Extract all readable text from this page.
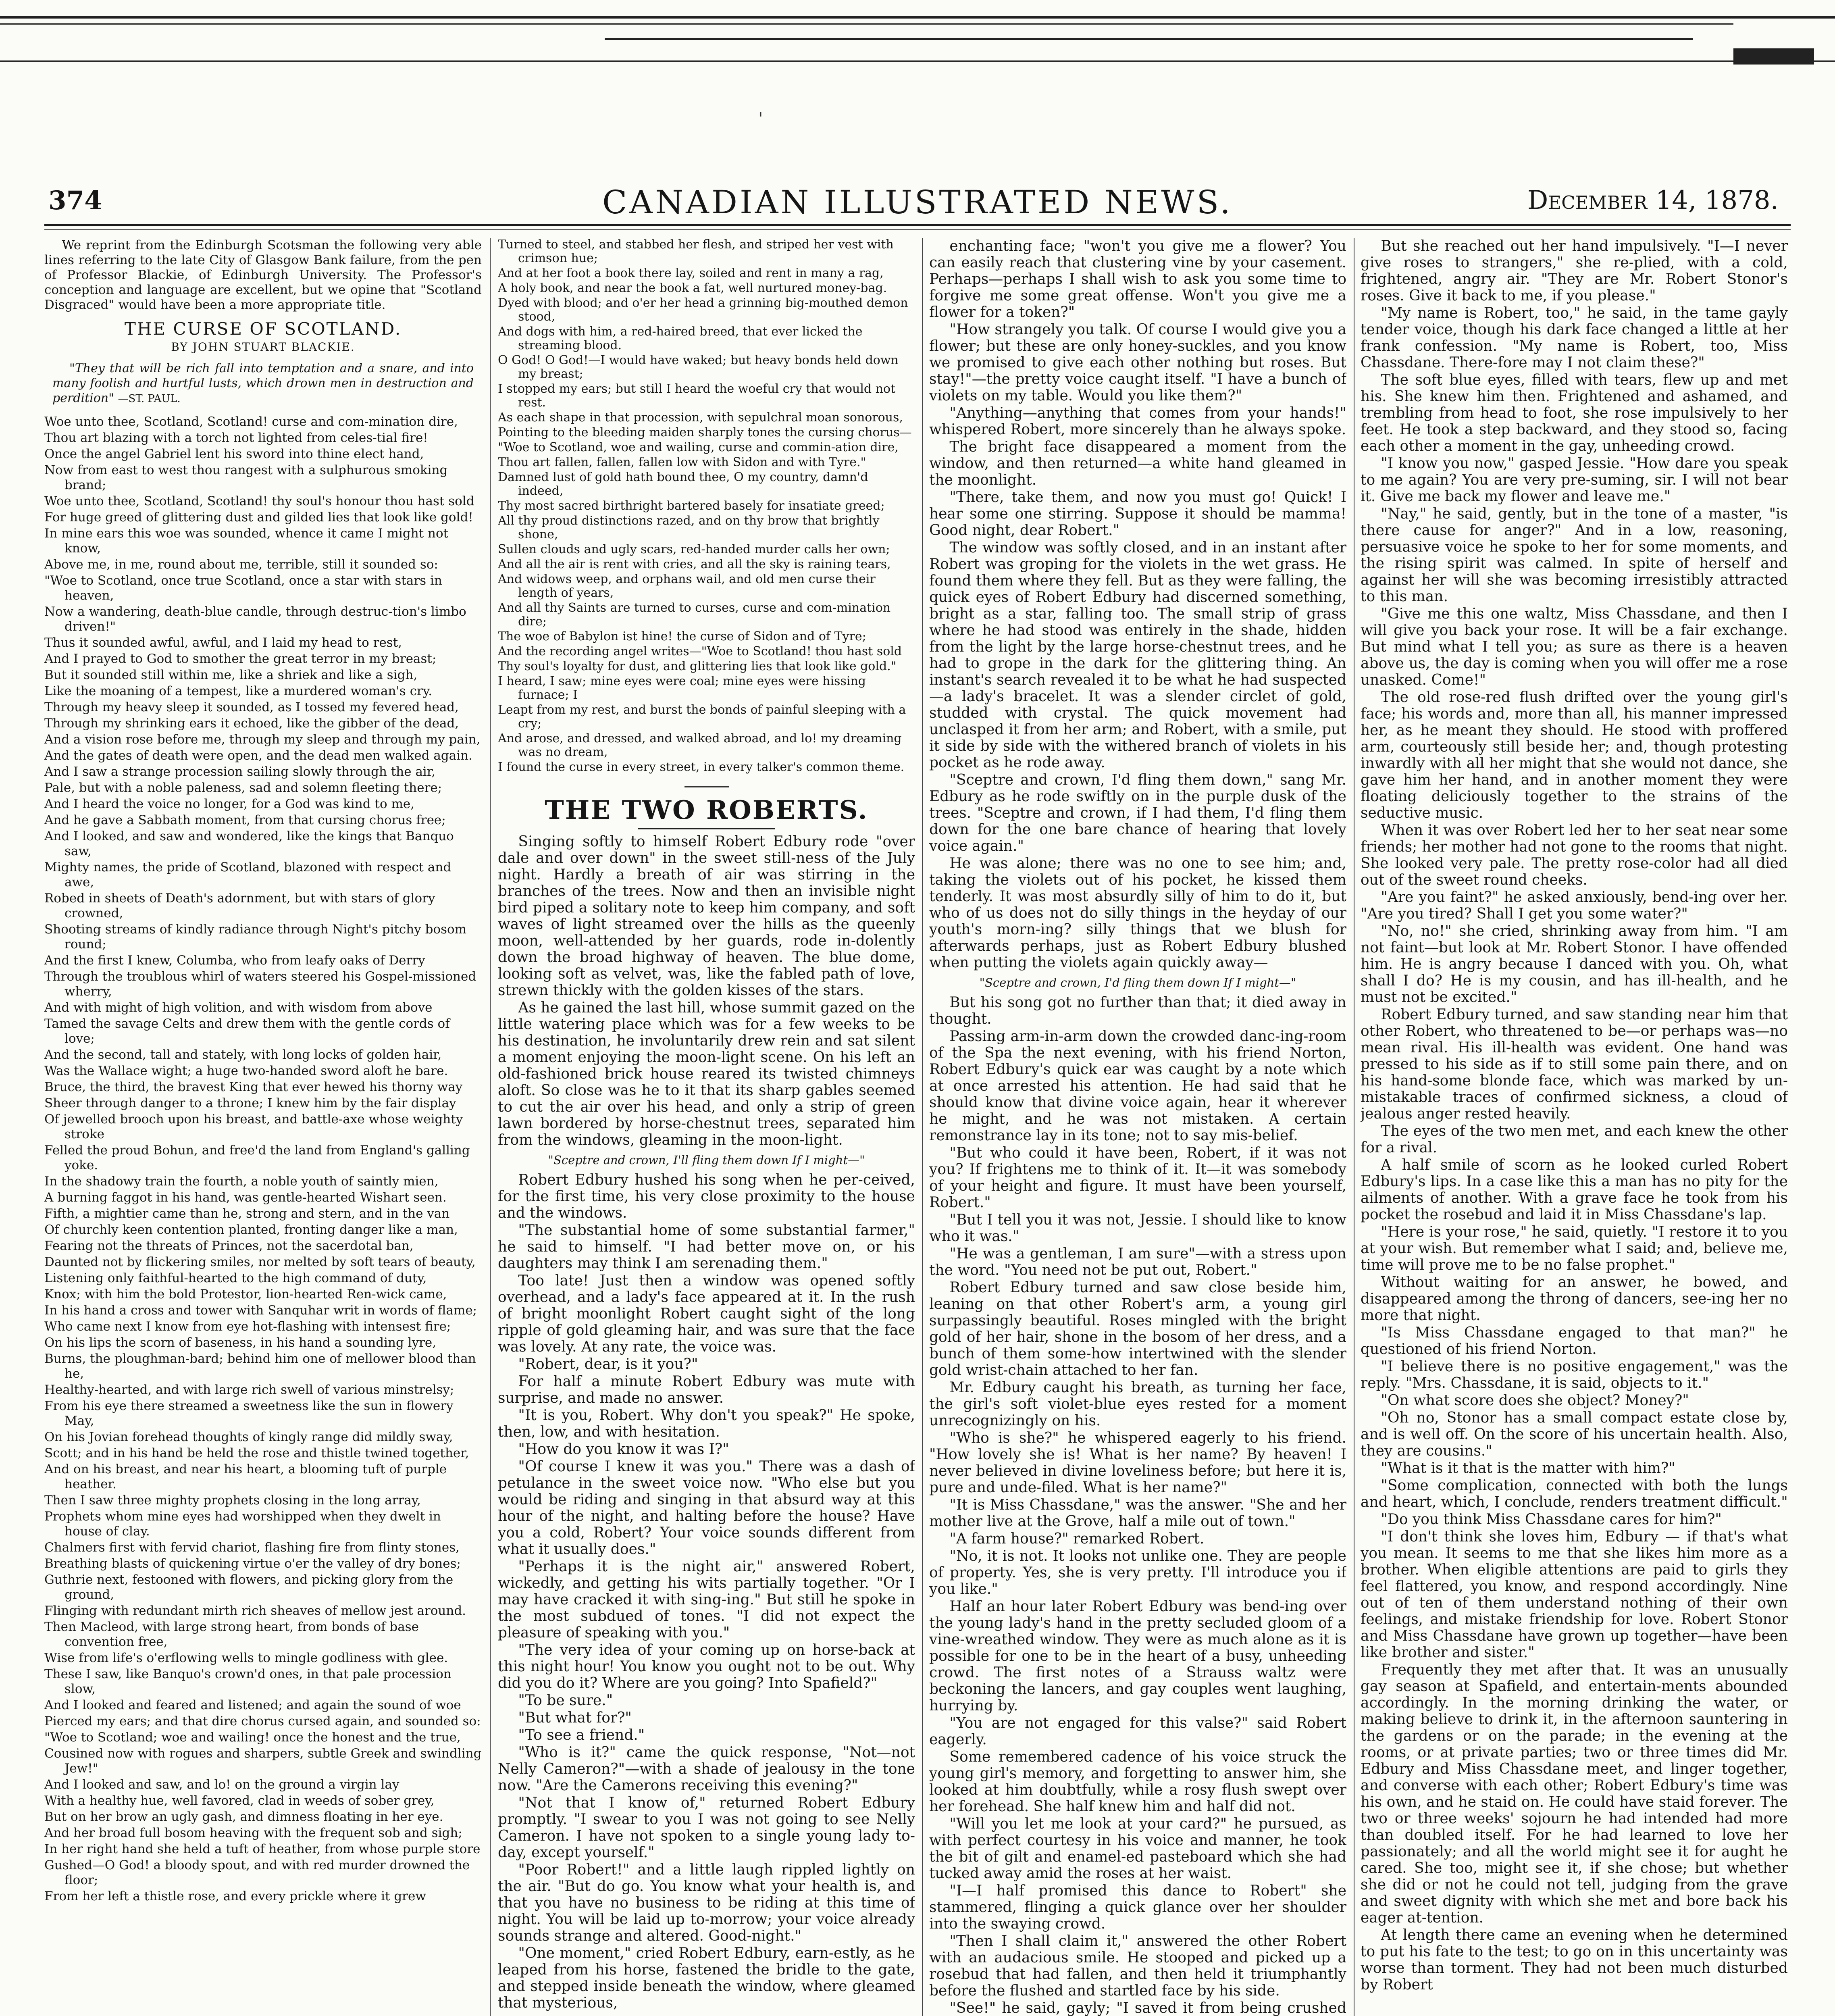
ˈ
374	CANADIAN ILLUSTRATED NEWS.	December 14, 1878.

We reprint from the Edinburgh Scotsman the following very able lines referring to the late City of Glasgow Bank failure, from the pen of Professor Blackie, of Edinburgh University. The Professor's conception and language are excellent, but we opine that "Scotland Disgraced" would have been a more appropriate title.

THE CURSE OF SCOTLAND.
BY JOHN STUART BLACKIE.
"They that will be rich fall into temptation and a snare, and into many foolish and hurtful lusts, which drown men in destruction and perdition" —ST. PAUL.

Woe unto thee, Scotland, Scotland! curse and com-mination dire,

Thou art blazing with a torch not lighted from celes-tial fire!

Once the angel Gabriel lent his sword into thine elect hand,

Now from east to west thou rangest with a sulphurous smoking brand;

Woe unto thee, Scotland, Scotland! thy soul's honour thou hast sold

For huge greed of glittering dust and gilded lies that look like gold!

In mine ears this woe was sounded, whence it came I might not know,

Above me, in me, round about me, terrible, still it sounded so:

"Woe to Scotland, once true Scotland, once a star with stars in heaven,

Now a wandering, death-blue candle, through destruc-tion's limbo driven!"

Thus it sounded awful, awful, and I laid my head to rest,

And I prayed to God to smother the great terror in my breast;

But it sounded still within me, like a shriek and like a sigh,

Like the moaning of a tempest, like a murdered woman's cry.

Through my heavy sleep it sounded, as I tossed my fevered head,

Through my shrinking ears it echoed, like the gibber of the dead,

And a vision rose before me, through my sleep and through my pain,

And the gates of death were open, and the dead men walked again.

And I saw a strange procession sailing slowly through the air,

Pale, but with a noble paleness, sad and solemn fleeting there;

And I heard the voice no longer, for a God was kind to me,

And he gave a Sabbath moment, from that cursing chorus free;

And I looked, and saw and wondered, like the kings that Banquo saw,

Mighty names, the pride of Scotland, blazoned with respect and awe,

Robed in sheets of Death's adornment, but with stars of glory crowned,

Shooting streams of kindly radiance through Night's pitchy bosom round;

And the first I knew, Columba, who from leafy oaks of Derry

Through the troublous whirl of waters steered his Gospel-missioned wherry,

And with might of high volition, and with wisdom from above

Tamed the savage Celts and drew them with the gentle cords of love;

And the second, tall and stately, with long locks of golden hair,

Was the Wallace wight; a huge two-handed sword aloft he bare.

Bruce, the third, the bravest King that ever hewed his thorny way

Sheer through danger to a throne; I knew him by the fair display

Of jewelled brooch upon his breast, and battle-axe whose weighty stroke

Felled the proud Bohun, and free'd the land from England's galling yoke.

In the shadowy train the fourth, a noble youth of saintly mien,

A burning faggot in his hand, was gentle-hearted Wishart seen.

Fifth, a mightier came than he, strong and stern, and in the van

Of churchly keen contention planted, fronting danger like a man,

Fearing not the threats of Princes, not the sacerdotal ban,

Daunted not by flickering smiles, nor melted by soft tears of beauty,

Listening only faithful-hearted to the high command of duty,

Knox; with him the bold Protestor, lion-hearted Ren-wick came,

In his hand a cross and tower with Sanquhar writ in words of flame;

Who came next I know from eye hot-flashing with intensest fire;

On his lips the scorn of baseness, in his hand a sounding lyre,

Burns, the ploughman-bard; behind him one of mellower blood than he,

Healthy-hearted, and with large rich swell of various minstrelsy;

From his eye there streamed a sweetness like the sun in flowery May,

On his Jovian forehead thoughts of kingly range did mildly sway,

Scott; and in his hand be held the rose and thistle twined together,

And on his breast, and near his heart, a blooming tuft of purple heather.

Then I saw three mighty prophets closing in the long array,

Prophets whom mine eyes had worshipped when they dwelt in house of clay.

Chalmers first with fervid chariot, flashing fire from flinty stones,

Breathing blasts of quickening virtue o'er the valley of dry bones;

Guthrie next, festooned with flowers, and picking glory from the ground,

Flinging with redundant mirth rich sheaves of mellow jest around.

Then Macleod, with large strong heart, from bonds of base convention free,

Wise from life's o'erflowing wells to mingle godliness with glee.

These I saw, like Banquo's crown'd ones, in that pale procession slow,

And I looked and feared and listened; and again the sound of woe

Pierced my ears; and that dire chorus cursed again, and sounded so:

"Woe to Scotland; woe and wailing! once the honest and the true,

Cousined now with rogues and sharpers, subtle Greek and swindling Jew!"

And I looked and saw, and lo! on the ground a virgin lay

With a healthy hue, well favored, clad in weeds of sober grey,

But on her brow an ugly gash, and dimness floating in her eye.

And her broad full bosom heaving with the frequent sob and sigh;

In her right hand she held a tuft of heather, from whose purple store

Gushed—O God! a bloody spout, and with red murder drowned the floor;

From her left a thistle rose, and every prickle where it grew

Turned to steel, and stabbed her flesh, and striped her vest with crimson hue;

And at her foot a book there lay, soiled and rent in many a rag,

A holy book, and near the book a fat, well nurtured money-bag.

Dyed with blood; and o'er her head a grinning big-mouthed demon stood,

And dogs with him, a red-haired breed, that ever licked the streaming blood.

O God! O God!—I would have waked; but heavy bonds held down my breast;

I stopped my ears; but still I heard the woeful cry that would not rest.

As each shape in that procession, with sepulchral moan sonorous,

Pointing to the bleeding maiden sharply tones the cursing chorus—

"Woe to Scotland, woe and wailing, curse and commin-ation dire,

Thou art fallen, fallen, fallen low with Sidon and with Tyre."

Damned lust of gold hath bound thee, O my country, damn'd indeed,

Thy most sacred birthright bartered basely for insatiate greed;

All thy proud distinctions razed, and on thy brow that brightly shone,

Sullen clouds and ugly scars, red-handed murder calls her own;

And all the air is rent with cries, and all the sky is raining tears,

And widows weep, and orphans wail, and old men curse their length of years,

And all thy Saints are turned to curses, curse and com-mination dire;

The woe of Babylon ist hine! the curse of Sidon and of Tyre;

And the recording angel writes—"Woe to Scotland! thou hast sold

Thy soul's loyalty for dust, and glittering lies that look like gold."

I heard, I saw; mine eyes were coal; mine eyes were hissing furnace; I

Leapt from my rest, and burst the bonds of painful sleeping with a cry;

And arose, and dressed, and walked abroad, and lo! my dreaming was no dream,

I found the curse in every street, in every talker's common theme.

THE TWO ROBERTS.

Singing softly to himself Robert Edbury rode "over dale and over down" in the sweet still-ness of the July night. Hardly a breath of air was stirring in the branches of the trees. Now and then an invisible night bird piped a solitary note to keep him company, and soft waves of light streamed over the hills as the queenly moon, well-attended by her guards, rode in-dolently down the broad highway of heaven. The blue dome, looking soft as velvet, was, like the fabled path of love, strewn thickly with the golden kisses of the stars.

As he gained the last hill, whose summit gazed on the little watering place which was for a few weeks to be his destination, he involuntarily drew rein and sat silent a moment enjoying the moon-light scene. On his left an old-fashioned brick house reared its twisted chimneys aloft. So close was he to it that its sharp gables seemed to cut the air over his head, and only a strip of green lawn bordered by horse-chestnut trees, separated him from the windows, gleaming in the moon-light.

"Sceptre and crown, I'll fling them down If I might—"

Robert Edbury hushed his song when he per-ceived, for the first time, his very close proximity to the house and the windows.

"The substantial home of some substantial farmer," he said to himself. "I had better move on, or his daughters may think I am serenading them."

Too late! Just then a window was opened softly overhead, and a lady's face appeared at it. In the rush of bright moonlight Robert caught sight of the long ripple of gold gleaming hair, and was sure that the face was lovely. At any rate, the voice was.

"Robert, dear, is it you?"

For half a minute Robert Edbury was mute with surprise, and made no answer.

"It is you, Robert. Why don't you speak?" He spoke, then, low, and with hesitation.

"How do you know it was I?"

"Of course I knew it was you." There was a dash of petulance in the sweet voice now. "Who else but you would be riding and singing in that absurd way at this hour of the night, and halting before the house? Have you a cold, Robert? Your voice sounds different from what it usually does."

"Perhaps it is the night air," answered Robert, wickedly, and getting his wits partially together. "Or I may have cracked it with sing-ing." But still he spoke in the most subdued of tones. "I did not expect the pleasure of speaking with you."

"The very idea of your coming up on horse-back at this night hour! You know you ought not to be out. Why did you do it? Where are you going? Into Spafield?"

"To be sure."

"But what for?"

"To see a friend."

"Who is it?" came the quick response, "Not—not Nelly Cameron?"—with a shade of jealousy in the tone now. "Are the Camerons receiving this evening?"

"Not that I know of," returned Robert Edbury promptly. "I swear to you I was not going to see Nelly Cameron. I have not spoken to a single young lady to-day, except yourself."

"Poor Robert!" and a little laugh rippled lightly on the air. "But do go. You know what your health is, and that you have no business to be riding at this time of night. You will be laid up to-morrow; your voice already sounds strange and altered. Good-night."

"One moment," cried Robert Edbury, earn-estly, as he leaped from his horse, fastened the bridle to the gate, and stepped inside beneath the window, where gleamed that mysterious,

enchanting face; "won't you give me a flower? You can easily reach that clustering vine by your casement. Perhaps—perhaps I shall wish to ask you some time to forgive me some great offense. Won't you give me a flower for a token?"

"How strangely you talk. Of course I would give you a flower; but these are only honey-suckles, and you know we promised to give each other nothing but roses. But stay!"—the pretty voice caught itself. "I have a bunch of violets on my table. Would you like them?"

"Anything—anything that comes from your hands!" whispered Robert, more sincerely than he always spoke.

The bright face disappeared a moment from the window, and then returned—a white hand gleamed in the moonlight.

"There, take them, and now you must go! Quick! I hear some one stirring. Suppose it should be mamma! Good night, dear Robert."

The window was softly closed, and in an instant after Robert was groping for the violets in the wet grass. He found them where they fell. But as they were falling, the quick eyes of Robert Edbury had discerned something, bright as a star, falling too. The small strip of grass where he had stood was entirely in the shade, hidden from the light by the large horse-chestnut trees, and he had to grope in the dark for the glittering thing. An instant's search revealed it to be what he had suspected—a lady's bracelet. It was a slender circlet of gold, studded with crystal. The quick movement had unclasped it from her arm; and Robert, with a smile, put it side by side with the withered branch of violets in his pocket as he rode away.

"Sceptre and crown, I'd fling them down," sang Mr. Edbury as he rode swiftly on in the purple dusk of the trees. "Sceptre and crown, if I had them, I'd fling them down for the one bare chance of hearing that lovely voice again."

He was alone; there was no one to see him; and, taking the violets out of his pocket, he kissed them tenderly. It was most absurdly silly of him to do it, but who of us does not do silly things in the heyday of our youth's morn-ing? silly things that we blush for afterwards perhaps, just as Robert Edbury blushed when putting the violets again quickly away—

"Sceptre and crown, I'd fling them down If I might—"

But his song got no further than that; it died away in thought.

Passing arm-in-arm down the crowded danc-ing-room of the Spa the next evening, with his friend Norton, Robert Edbury's quick ear was caught by a note which at once arrested his attention. He had said that he should know that divine voice again, hear it wherever he might, and he was not mistaken. A certain remonstrance lay in its tone; not to say mis-belief.

"But who could it have been, Robert, if it was not you? If frightens me to think of it. It—it was somebody of your height and figure. It must have been yourself, Robert."

"But I tell you it was not, Jessie. I should like to know who it was."

"He was a gentleman, I am sure"—with a stress upon the word. "You need not be put out, Robert."

Robert Edbury turned and saw close beside him, leaning on that other Robert's arm, a young girl surpassingly beautiful. Roses mingled with the bright gold of her hair, shone in the bosom of her dress, and a bunch of them some-how intertwined with the slender gold wrist-chain attached to her fan.

Mr. Edbury caught his breath, as turning her face, the girl's soft violet-blue eyes rested for a moment unrecognizingly on his.

"Who is she?" he whispered eagerly to his friend. "How lovely she is! What is her name? By heaven! I never believed in divine loveliness before; but here it is, pure and unde-filed. What is her name?"

"It is Miss Chassdane," was the answer. "She and her mother live at the Grove, half a mile out of town."

"A farm house?" remarked Robert.

"No, it is not. It looks not unlike one. They are people of property. Yes, she is very pretty. I'll introduce you if you like."

Half an hour later Robert Edbury was bend-ing over the young lady's hand in the pretty secluded gloom of a vine-wreathed window. They were as much alone as it is possible for one to be in the heart of a busy, unheeding crowd. The first notes of a Strauss waltz were beckoning the lancers, and gay couples went laughing, hurrying by.

"You are not engaged for this valse?" said Robert eagerly.

Some remembered cadence of his voice struck the young girl's memory, and forgetting to answer him, she looked at him doubtfully, while a rosy flush swept over her forehead. She half knew him and half did not.

"Will you let me look at your card?" he pursued, as with perfect courtesy in his voice and manner, he took the bit of gilt and enamel-ed pasteboard which she had tucked away amid the roses at her waist.

"I—I half promised this dance to Robert" she stammered, flinging a quick glance over her shoulder into the swaying crowd.

"Then I shall claim it," answered the other Robert with an audacious smile. He stooped and picked up a rosebud that had fallen, and then held it triumphantly before the flushed and startled face by his side.

"See!" he said, gayly; "I saved it from being crushed

But she reached out her hand impulsively. "I—I never give roses to strangers," she re-plied, with a cold, frightened, angry air. "They are Mr. Robert Stonor's roses. Give it back to me, if you please."

"My name is Robert, too," he said, in the tame gayly tender voice, though his dark face changed a little at her frank confession. "My name is Robert, too, Miss Chassdane. There-fore may I not claim these?"

The soft blue eyes, filled with tears, flew up and met his. She knew him then. Frightened and ashamed, and trembling from head to foot, she rose impulsively to her feet. He took a step backward, and they stood so, facing each other a moment in the gay, unheeding crowd.

"I know you now," gasped Jessie. "How dare you speak to me again? You are very pre-suming, sir. I will not bear it. Give me back my flower and leave me."

"Nay," he said, gently, but in the tone of a master, "is there cause for anger?" And in a low, reasoning, persuasive voice he spoke to her for some moments, and the rising spirit was calmed. In spite of herself and against her will she was becoming irresistibly attracted to this man.

"Give me this one waltz, Miss Chassdane, and then I will give you back your rose. It will be a fair exchange. But mind what I tell you; as sure as there is a heaven above us, the day is coming when you will offer me a rose unasked. Come!"

The old rose-red flush drifted over the young girl's face; his words and, more than all, his manner impressed her, as he meant they should. He stood with proffered arm, courteously still beside her; and, though protesting inwardly with all her might that she would not dance, she gave him her hand, and in another moment they were floating deliciously together to the strains of the seductive music.

When it was over Robert led her to her seat near some friends; her mother had not gone to the rooms that night. She looked very pale. The pretty rose-color had all died out of the sweet round cheeks.

"Are you faint?" he asked anxiously, bend-ing over her. "Are you tired? Shall I get you some water?"

"No, no!" she cried, shrinking away from him. "I am not faint—but look at Mr. Robert Stonor. I have offended him. He is angry because I danced with you. Oh, what shall I do? He is my cousin, and has ill-health, and he must not be excited."

Robert Edbury turned, and saw standing near him that other Robert, who threatened to be—or perhaps was—no mean rival. His ill-health was evident. One hand was pressed to his side as if to still some pain there, and on his hand-some blonde face, which was marked by un-mistakable traces of confirmed sickness, a cloud of jealous anger rested heavily.

The eyes of the two men met, and each knew the other for a rival.

A half smile of scorn as he looked curled Robert Edbury's lips. In a case like this a man has no pity for the ailments of another. With a grave face he took from his pocket the rosebud and laid it in Miss Chassdane's lap.

"Here is your rose," he said, quietly. "I restore it to you at your wish. But remember what I said; and, believe me, time will prove me to be no false prophet."

Without waiting for an answer, he bowed, and disappeared among the throng of dancers, see-ing her no more that night.

"Is Miss Chassdane engaged to that man?" he questioned of his friend Norton.

"I believe there is no positive engagement," was the reply. "Mrs. Chassdane, it is said, objects to it."

"On what score does she object? Money?"

"Oh no, Stonor has a small compact estate close by, and is well off. On the score of his uncertain health. Also, they are cousins."

"What is it that is the matter with him?"

"Some complication, connected with both the lungs and heart, which, I conclude, renders treatment difficult."

"Do you think Miss Chassdane cares for him?"

"I don't think she loves him, Edbury — if that's what you mean. It seems to me that she likes him more as a brother. When eligible attentions are paid to girls they feel flattered, you know, and respond accordingly. Nine out of ten of them understand nothing of their own feelings, and mistake friendship for love. Robert Stonor and Miss Chassdane have grown up together—have been like brother and sister."

Frequently they met after that. It was an unusually gay season at Spafield, and entertain-ments abounded accordingly. In the morning drinking the water, or making believe to drink it, in the afternoon sauntering in the gardens or on the parade; in the evening at the rooms, or at private parties; two or three times did Mr. Edbury and Miss Chassdane meet, and linger together, and converse with each other; Robert Edbury's time was his own, and he staid on. He could have staid forever. The two or three weeks' sojourn he had intended had more than doubled itself. For he had learned to love her passionately; and all the world might see it for aught he cared. She too, might see it, if she chose; but whether she did or not he could not tell, judging from the grave and sweet dignity with which she met and bore back his eager at-tention.

At length there came an evening when he determined to put his fate to the test; to go on in this uncertainty was worse than torment. They had not been much disturbed by Robert
